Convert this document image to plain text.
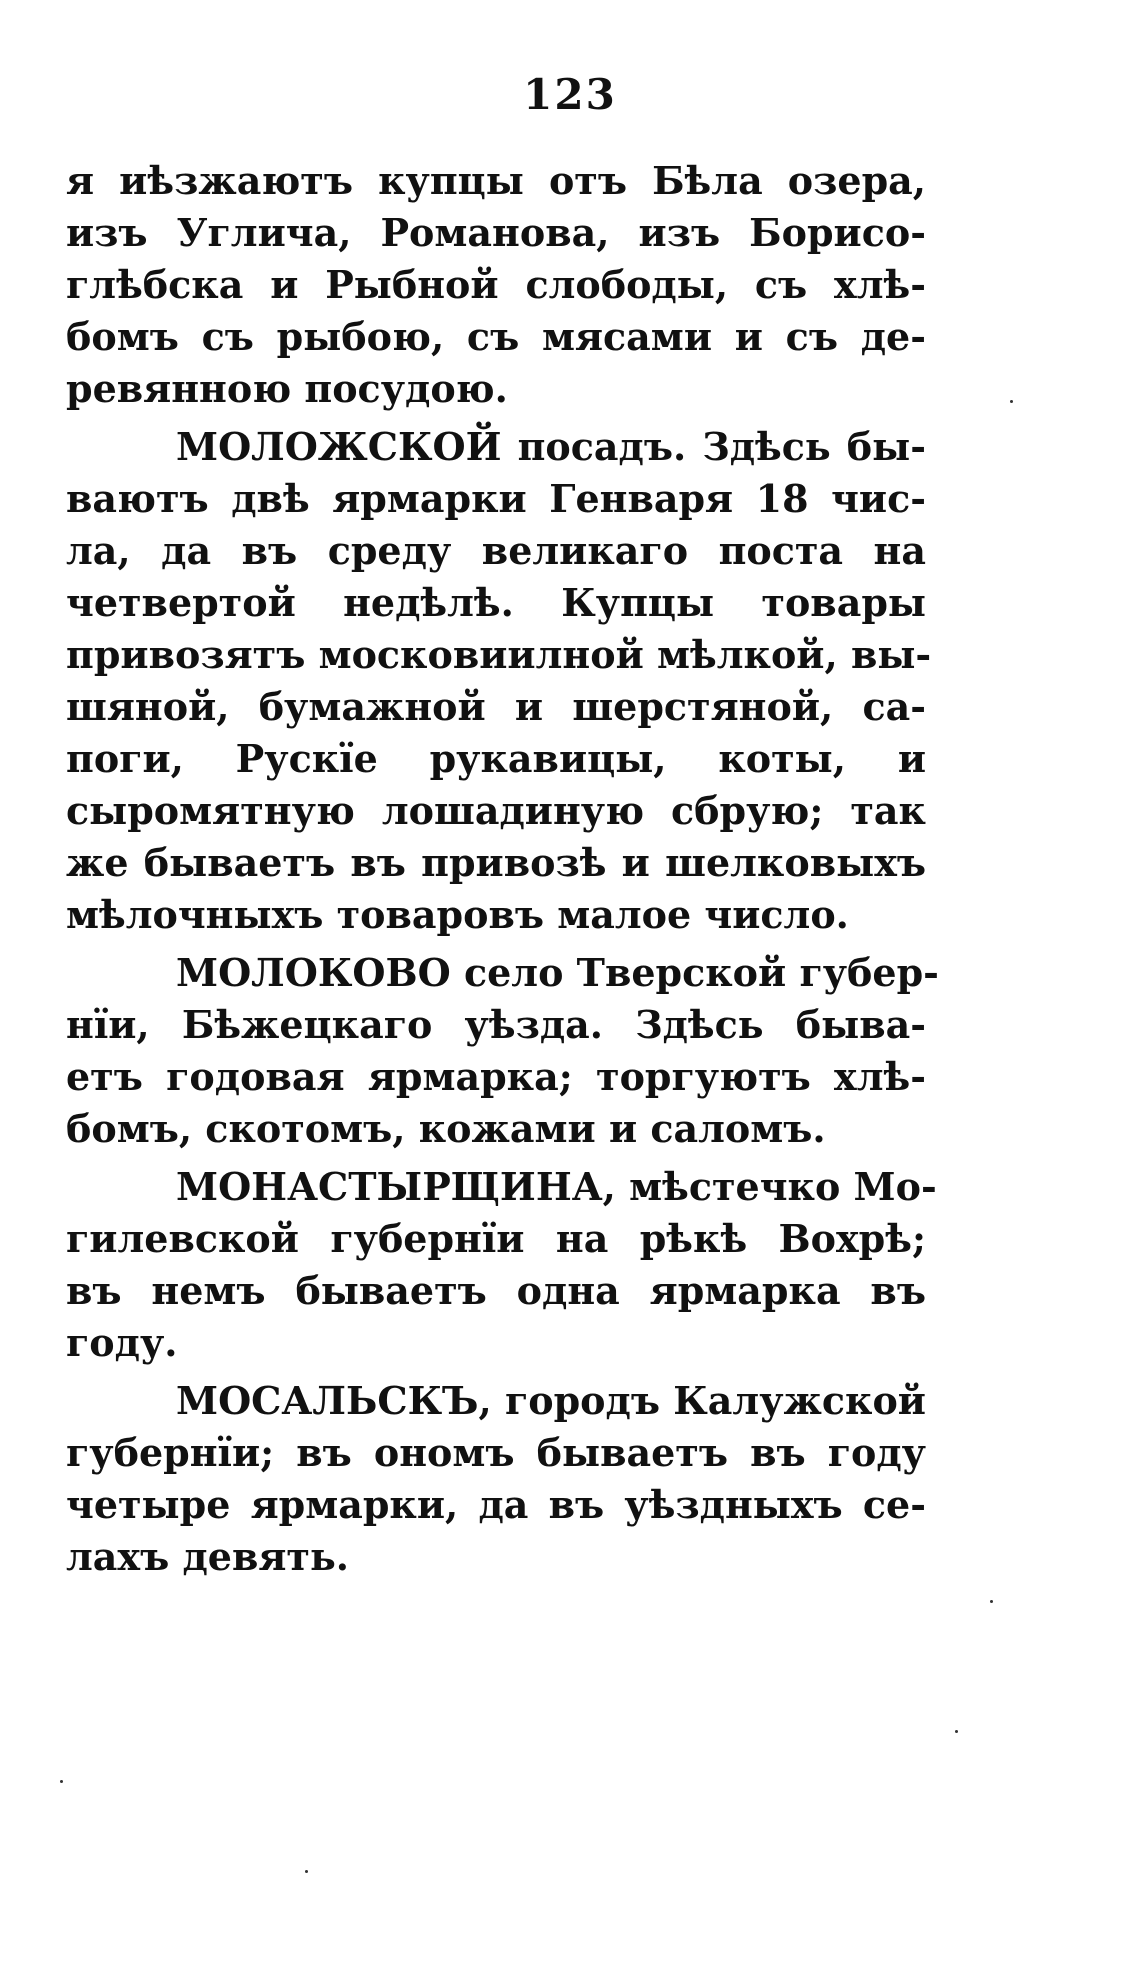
123
я иѣзжаютъ купцы отъ Бѣла озера,
изъ Углича, Романова, изъ Борисо-
глѣбска и Рыбной слободы, съ хлѣ-
бомъ съ рыбою, съ мясами и съ де-
ревянною посудою.
МОЛОЖСКОЙ посадъ. Здѣсь бы-
ваютъ двѣ ярмарки Генваря 18 чис-
ла, да въ среду великаго поста на
четвертой недѣлѣ. Купцы товары
привозятъ московиилной мѣлкой, вы-
шяной, бумажной и шерстяной, са-
поги, Рускїе рукавицы, коты, и
сыромятную лошадиную сбрую; так
же бываетъ въ привозѣ и шелковыхъ
мѣлочныхъ товаровъ малое число.
МОЛОКОВО село Тверской губер-
нїи, Бѣжецкаго уѣзда. Здѣсь быва-
етъ годовая ярмарка; торгуютъ хлѣ-
бомъ, скотомъ, кожами и саломъ.
МОНАСТЫРЩИНА, мѣстечко Мо-
гилевской губернїи на рѣкѣ Вохрѣ;
въ немъ бываетъ одна ярмарка въ
году.
МОСАЛЬСКЪ, городъ Калужской
губернїи; въ ономъ бываетъ въ году
четыре ярмарки, да въ уѣздныхъ се-
лахъ девять.
